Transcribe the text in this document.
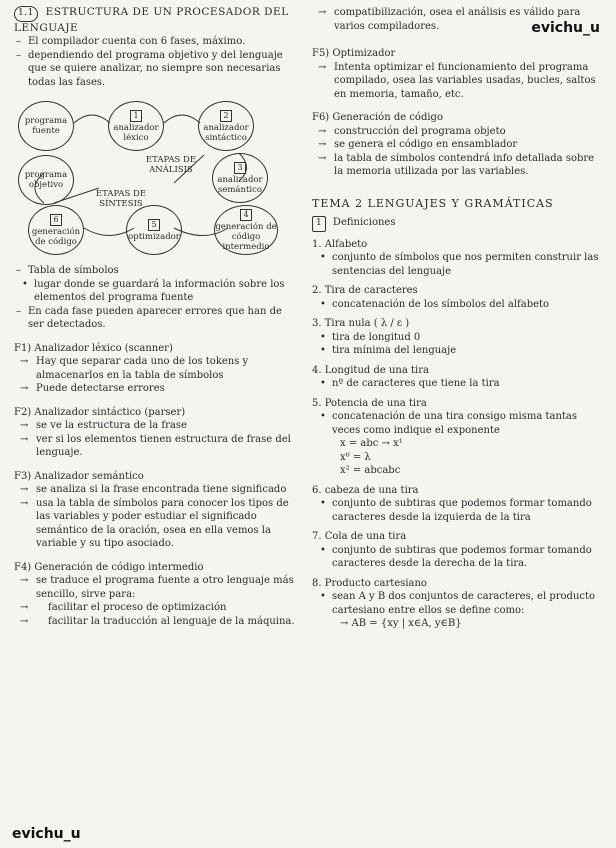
evichu_u
1.1 ESTRUCTURA DE UN PROCESADOR DEL LENGUAJE

– El compilador cuenta con 6 fases, máximo.

– dependiendo del programa objetivo y del lenguaje que se quiere analizar, no siempre son necesarias todas las fases.

programa fuente
1
analizador léxico
2
analizador sintáctico
3
analizador semántico
programa objetivo
4
generación de código intermedio
5
optimizador
6
generación de código
ETAPAS DE ANÁLISIS
ETAPAS DE SÍNTESIS

– Tabla de símbolos

• lugar donde se guardará la información sobre los elementos del programa fuente

– En cada fase pueden aparecer errores que han de ser detectados.

F1) Analizador léxico (scanner)

→ Hay que separar cada uno de los tokens y almacenarlos en la tabla de símbolos

→ Puede detectarse errores

F2) Analizador sintáctico (parser)

→ se ve la estructura de la frase

→ ver si los elementos tienen estructura de frase del lenguaje.

F3) Analizador semántico

→ se analiza si la frase encontrada tiene significado

→ usa la tabla de símbolos para conocer los tipos de las variables y poder estudiar el significado semántico de la oración, osea en ella vemos la variable y su tipo asociado.

F4) Generación de código intermedio

→ se traduce el programa fuente a otro lenguaje más sencillo, sirve para:

→ facilitar el proceso de optimización

→ facilitar la traducción al lenguaje de la máquina.

→ compatibilización, osea el análisis es válido para varios compiladores.

F5) Optimizador

→ Intenta optimizar el funcionamiento del programa compilado, osea las variables usadas, bucles, saltos en memoria, tamaño, etc.

F6) Generación de código

→ construcción del programa objeto

→ se genera el código en ensamblador

→ la tabla de símbolos contendrá info detallada sobre la memoria utilizada por las variables.

TEMA 2 LENGUAJES Y GRAMÁTICAS
1 Definiciones

1. Alfabeto

• conjunto de símbolos que nos permiten construir las sentencias del lenguaje

2. Tira de caracteres

• concatenación de los símbolos del alfabeto

3. Tira nula ( λ / ε )

• tira de longitud 0

• tira mínima del lenguaje

4. Longitud de una tira

• nº de caracteres que tiene la tira

5. Potencia de una tira

• concatenación de una tira consigo misma tantas veces como indique el exponente

x = abc → x¹

x⁰ = λ

x² = abcabc

6. cabeza de una tira

• conjunto de subtiras que podemos formar tomando caracteres desde la izquierda de la tira

7. Cola de una tira

• conjunto de subtiras que podemos formar tomando caracteres desde la derecha de la tira.

8. Producto cartesiano

• sean A y B dos conjuntos de caracteres, el producto cartesiano entre ellos se define como:

→ AB = {xy | x∈A, y∈B}

evichu_u
